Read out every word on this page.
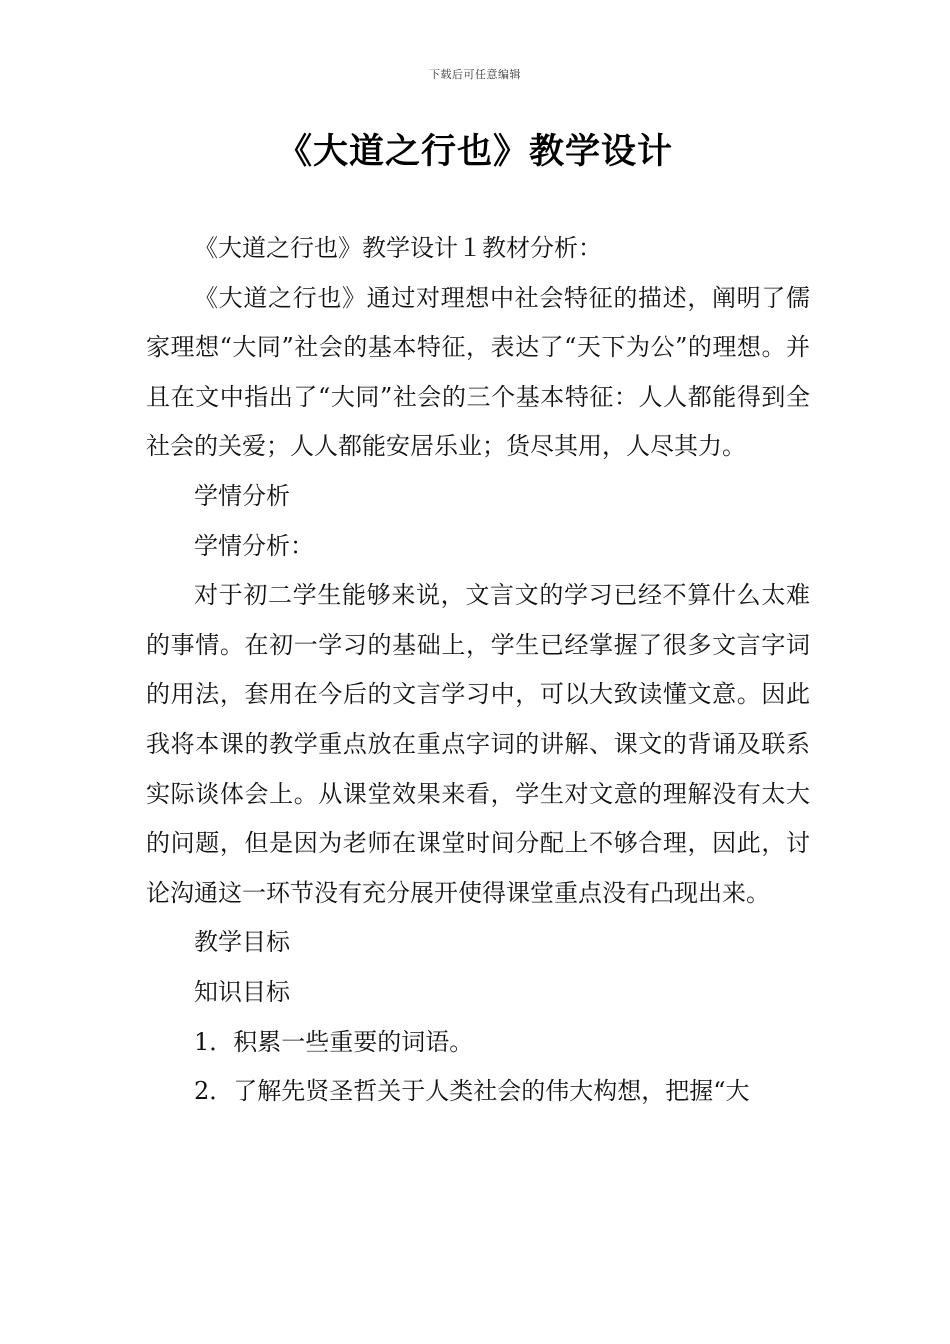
下载后可任意编辑
《大道之行也》教学设计

《大道之行也》教学设计１教材分析：

《大道之行也》通过对理想中社会特征的描述，阐明了儒家理想“大同”社会的基本特征，表达了“天下为公”的理想。并且在文中指出了“大同”社会的三个基本特征：人人都能得到全社会的关爱；人人都能安居乐业；货尽其用，人尽其力。

学情分析

学情分析：

对于初二学生能够来说，文言文的学习已经不算什么太难的事情。在初一学习的基础上，学生已经掌握了很多文言字词的用法，套用在今后的文言学习中，可以大致读懂文意。因此我将本课的教学重点放在重点字词的讲解、课文的背诵及联系实际谈体会上。从课堂效果来看，学生对文意的理解没有太大的问题，但是因为老师在课堂时间分配上不够合理，因此，讨论沟通这一环节没有充分展开使得课堂重点没有凸现出来。

教学目标

知识目标

1．积累一些重要的词语。

2．了解先贤圣哲关于人类社会的伟大构想，把握“大
